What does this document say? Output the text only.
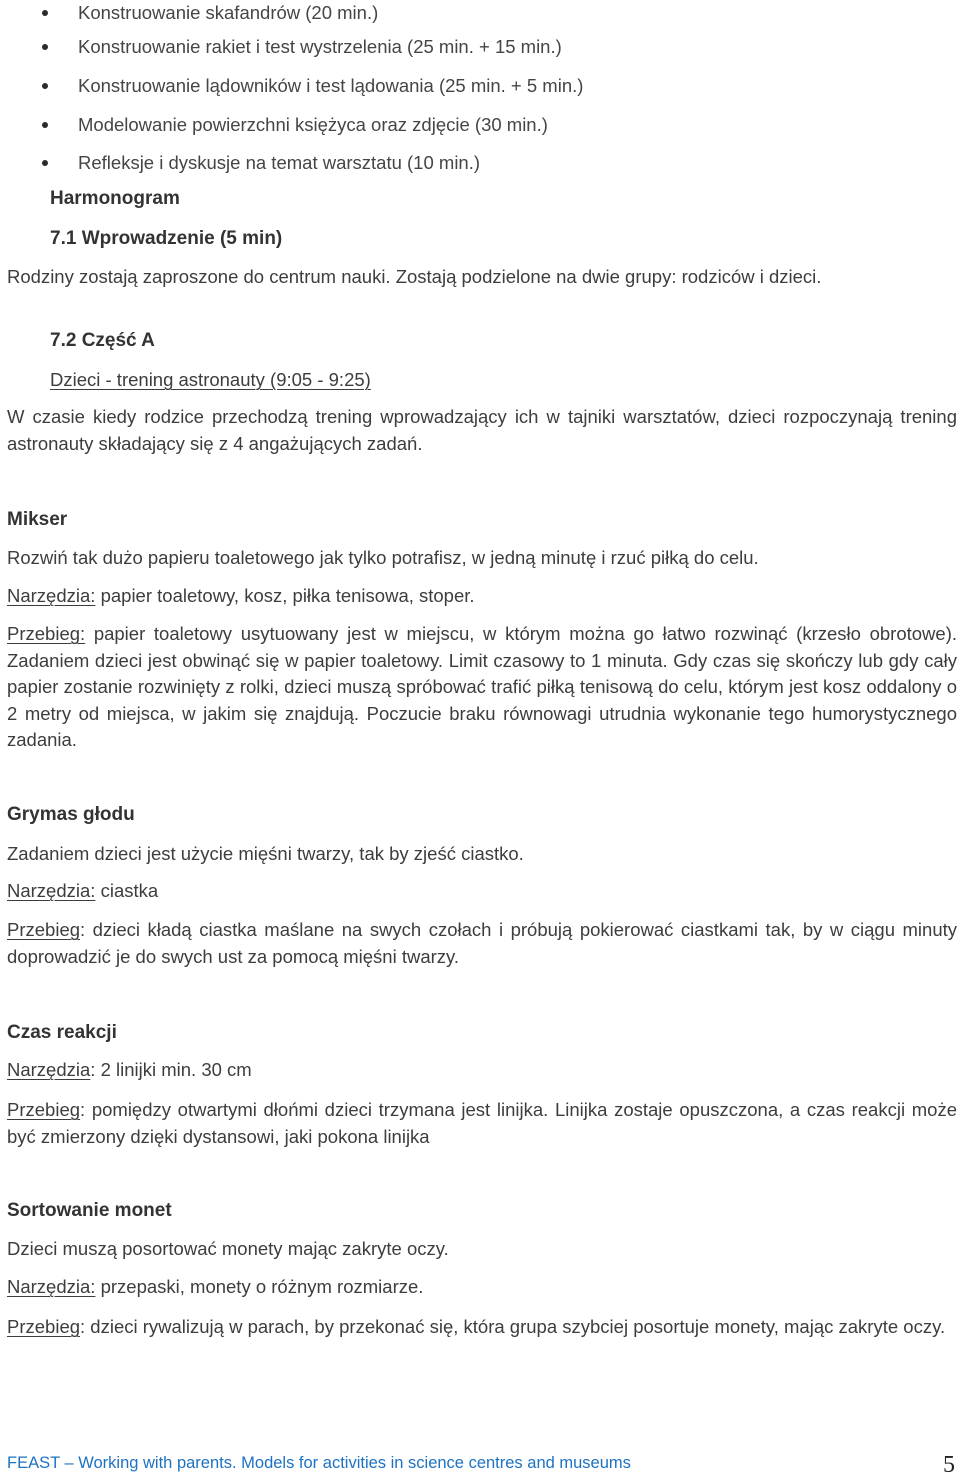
Konstruowanie skafandrów (20 min.)
Konstruowanie rakiet i test wystrzelenia (25 min. + 15 min.)
Konstruowanie lądowników i test lądowania (25 min. + 5 min.)
Modelowanie powierzchni księżyca oraz zdjęcie (30 min.)
Refleksje i dyskusje na temat warsztatu (10 min.)
Harmonogram
7.1 Wprowadzenie (5 min)
Rodziny zostają zaproszone do centrum nauki. Zostają podzielone na dwie grupy: rodziców i dzieci.
7.2 Część A
Dzieci - trening astronauty (9:05 - 9:25)

W czasie kiedy rodzice przechodzą trening wprowadzający ich w tajniki warsztatów, dzieci rozpoczynają trening astronauty składający się z 4 angażujących zadań.

Mikser
Rozwiń tak dużo papieru toaletowego jak tylko potrafisz, w jedną minutę i rzuć piłką do celu.
Narzędzia: papier toaletowy, kosz, piłka tenisowa, stoper.

Przebieg: papier toaletowy usytuowany jest w miejscu, w którym można go łatwo rozwinąć (krzesło obrotowe). Zadaniem dzieci jest obwinąć się w papier toaletowy. Limit czasowy to 1 minuta. Gdy czas się skończy lub gdy cały papier zostanie rozwinięty z rolki, dzieci muszą spróbować trafić piłką tenisową do celu, którym jest kosz oddalony o 2 metry od miejsca, w jakim się znajdują. Poczucie braku równowagi utrudnia wykonanie tego humorystycznego zadania.

Grymas głodu
Zadaniem dzieci jest użycie mięśni twarzy, tak by zjeść ciastko.
Narzędzia: ciastka

Przebieg: dzieci kładą ciastka maślane na swych czołach i próbują pokierować ciastkami tak, by w ciągu minuty doprowadzić je do swych ust za pomocą mięśni twarzy.

Czas reakcji
Narzędzia: 2 linijki min. 30 cm

Przebieg: pomiędzy otwartymi dłońmi dzieci trzymana jest linijka. Linijka zostaje opuszczona, a czas reakcji może być zmierzony dzięki dystansowi, jaki pokona linijka

Sortowanie monet
Dzieci muszą posortować monety mając zakryte oczy.
Narzędzia: przepaski, monety o różnym rozmiarze.

Przebieg: dzieci rywalizują w parach, by przekonać się, która grupa szybciej posortuje monety, mając zakryte oczy.

FEAST – Working with parents. Models for activities in science centres and museums	5
